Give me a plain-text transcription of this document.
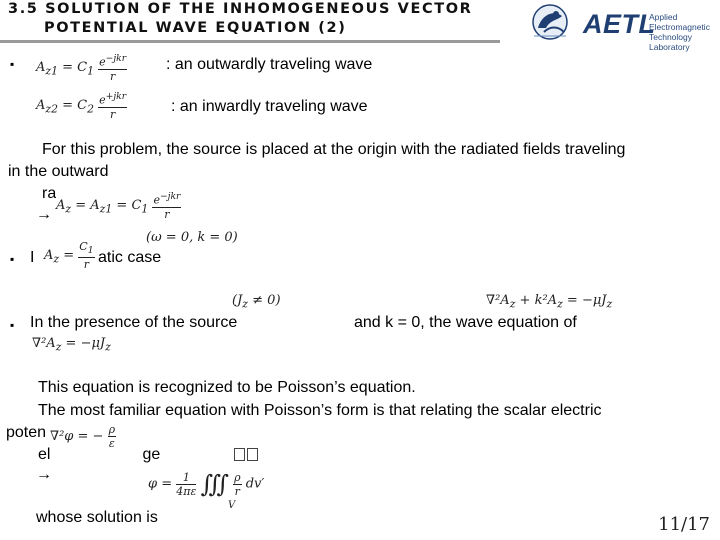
3.5 SOLUTION OF THE INHOMOGENEOUS VECTOR
POTENTIAL WAVE EQUATION (2)	AETL
Applied Electromagnetic
Technology Laboratory
▪ $A_{z1} = C_1 \frac{e^{-jkr}}{r}$ : an outwardly traveling wave
$A_{z2} = C_2 \frac{e^{+jkr}}{r}$	: an inwardly traveling wave
For this problem, the source is placed at the origin with the radiated fields traveling
in the outward
ra
→
$A_z = A_{z1} = C_1 \frac{e^{-jkr}}{r}$
(ω = 0, k = 0)
▪ I $A_z = \frac{C_1}{r}$ atic case
$(J_z \ne 0)$	$\nabla^2A_z + k^2A_z = -\mu J_z$
▪ In the presence of the source	and k = 0, the wave equation of
$\nabla^2A_z = -\mu J_z$
This equation is recognized to be Poisson’s equation.
The most familiar equation with Poisson’s form is that relating the scalar electric
poten
el	ge
∇²φ = − $\frac{\rho}{\varepsilon}$
→
$\varphi = \frac{1}{4\pi\varepsilon}$ ∭ $\frac{\rho}{r} dv'$
V
whose solution is	11/17
